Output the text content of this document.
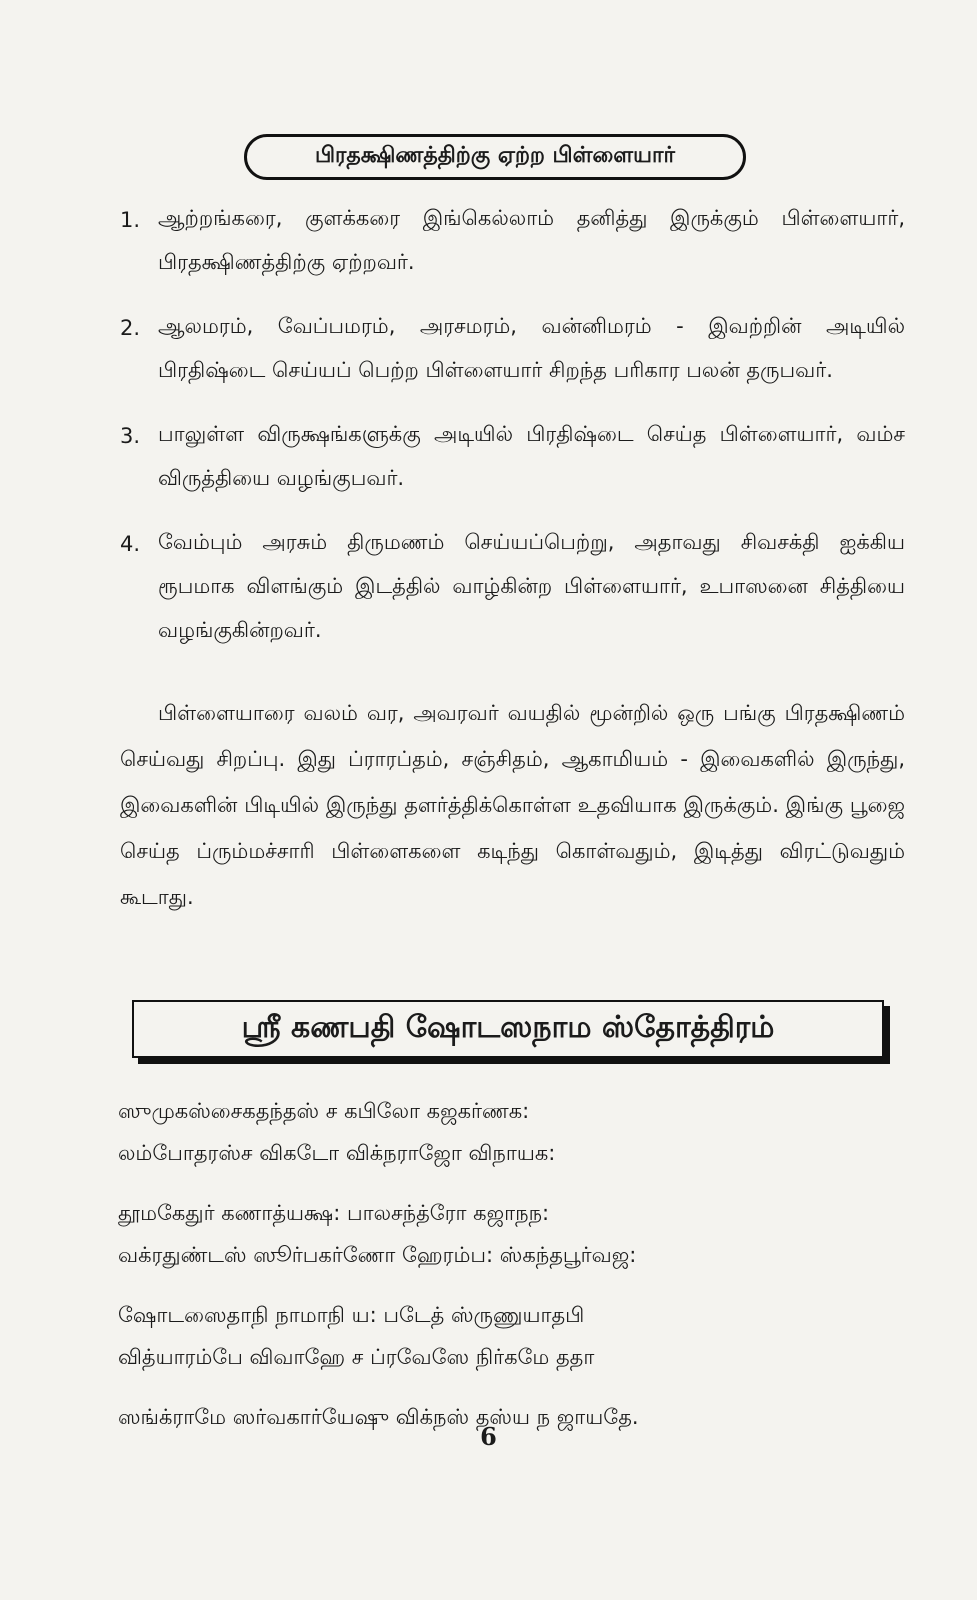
பிரதக்ஷிணத்திற்கு ஏற்ற பிள்ளையார்
1. ஆற்றங்கரை, குளக்கரை இங்கெல்லாம் தனித்து இருக்கும் பிள்ளையார், பிரதக்ஷிணத்திற்கு ஏற்றவர்.
2. ஆலமரம், வேப்பமரம், அரசமரம், வன்னிமரம் - இவற்றின் அடியில் பிரதிஷ்டை செய்யப் பெற்ற பிள்ளையார் சிறந்த பரிகார பலன் தருபவர்.
3. பாலுள்ள விருக்ஷங்களுக்கு அடியில் பிரதிஷ்டை செய்த பிள்ளையார், வம்ச விருத்தியை வழங்குபவர்.
4. வேம்பும் அரசும் திருமணம் செய்யப்பெற்று, அதாவது சிவசக்தி ஐக்கிய ரூபமாக விளங்கும் இடத்தில் வாழ்கின்ற பிள்ளையார், உபாஸனை சித்தியை வழங்குகின்றவர்.
பிள்ளையாரை வலம் வர, அவரவர் வயதில் மூன்றில் ஒரு பங்கு பிரதக்ஷிணம் செய்வது சிறப்பு. இது ப்ராரப்தம், சஞ்சிதம், ஆகாமியம் - இவைகளில் இருந்து, இவைகளின் பிடியில் இருந்து தளர்த்திக்கொள்ள உதவியாக இருக்கும். இங்கு பூஜை செய்த ப்ரும்மச்சாரி பிள்ளைகளை கடிந்து கொள்வதும், இடித்து விரட்டுவதும் கூடாது.
ஸ்ரீ கணபதி ஷோடஸநாம ஸ்தோத்திரம்
ஸுமுகஸ்சைகதந்தஸ் ச கபிலோ கஜகர்ணக:
லம்போதரஸ்ச விகடோ விக்நராஜோ விநாயக:
தூமகேதுர் கணாத்யக்ஷ: பாலசந்த்ரோ கஜாநந:
வக்ரதுண்டஸ் ஸூர்பகர்ணோ ஹேரம்ப: ஸ்கந்தபூர்வஜ:
ஷோடஸைதாநி நாமாநி ய: படேத் ஸ்ருணுயாதபி
வித்யாரம்பே விவாஹே ச ப்ரவேஸே நிர்கமே ததா
ஸங்க்ராமே ஸர்வகார்யேஷு விக்நஸ் தஸ்ய ந ஜாயதே.
6
